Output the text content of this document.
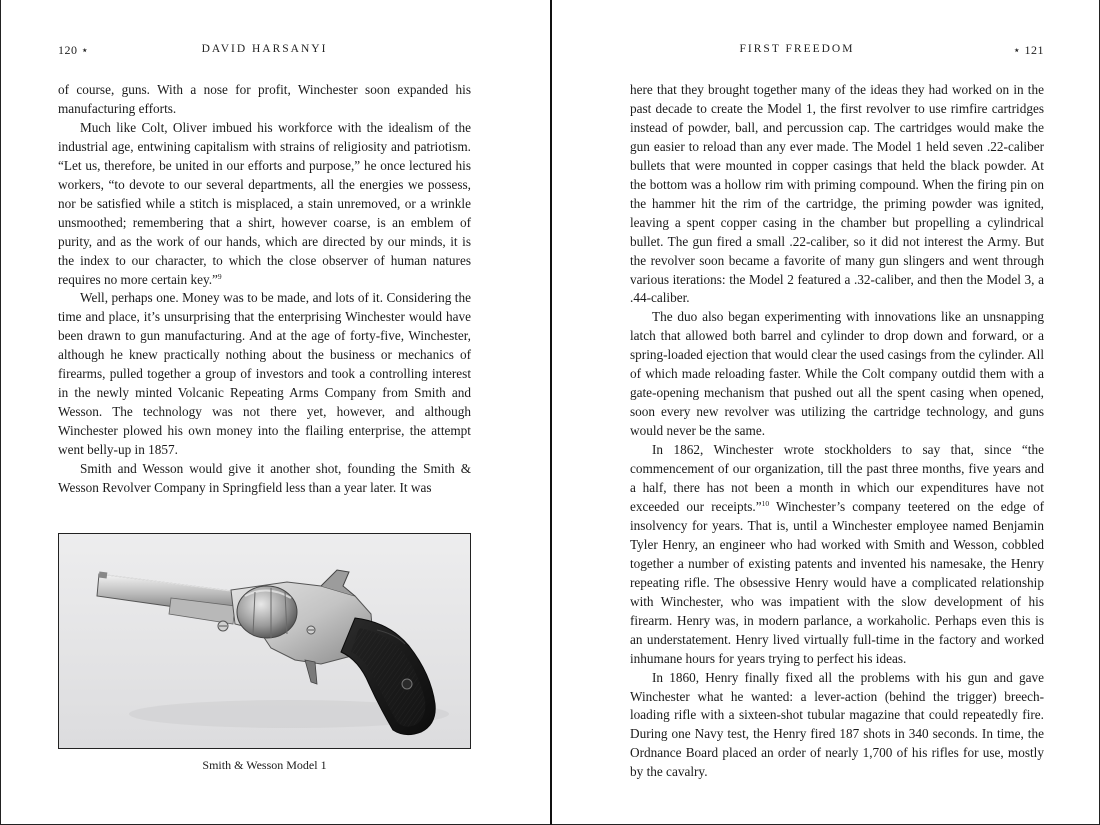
120 ⋆	DAVID HARSANYI

of course, guns. With a nose for profit, Winchester soon expanded his manufacturing efforts.

Much like Colt, Oliver imbued his workforce with the idealism of the industrial age, entwining capitalism with strains of religiosity and patriotism. “Let us, therefore, be united in our efforts and purpose,” he once lectured his workers, “to devote to our several departments, all the energies we possess, nor be satisfied while a stitch is misplaced, a stain unremoved, or a wrinkle unsmoothed; remembering that a shirt, however coarse, is an emblem of purity, and as the work of our hands, which are directed by our minds, it is the index to our character, to which the close observer of human natures requires no more certain key.”$^9$

Well, perhaps one. Money was to be made, and lots of it. Considering the time and place, it’s unsurprising that the enterprising Winchester would have been drawn to gun manufacturing. And at the age of forty-five, Winchester, although he knew practically nothing about the business or mechanics of firearms, pulled together a group of investors and took a controlling interest in the newly minted Volcanic Repeating Arms Company from Smith and Wesson. The technology was not there yet, however, and although Winchester plowed his own money into the flailing enterprise, the attempt went belly-up in 1857.

Smith and Wesson would give it another shot, founding the Smith & Wesson Revolver Company in Springfield less than a year later. It was

Smith & Wesson Model 1
FIRST FREEDOM	⋆ 121

here that they brought together many of the ideas they had worked on in the past decade to create the Model 1, the first revolver to use rimfire cartridges instead of powder, ball, and percussion cap. The cartridges would make the gun easier to reload than any ever made. The Model 1 held seven .22-caliber bullets that were mounted in copper casings that held the black powder. At the bottom was a hollow rim with priming compound. When the firing pin on the hammer hit the rim of the cartridge, the priming powder was ignited, leaving a spent copper casing in the chamber but propelling a cylindrical bullet. The gun fired a small .22-caliber, so it did not interest the Army. But the revolver soon became a favorite of many gun slingers and went through various iterations: the Model 2 featured a .32-caliber, and then the Model 3, a .44-caliber.

The duo also began experimenting with innovations like an unsnapping latch that allowed both barrel and cylinder to drop down and forward, or a spring-loaded ejection that would clear the used casings from the cylinder. All of which made reloading faster. While the Colt company outdid them with a gate-opening mechanism that pushed out all the spent casing when opened, soon every new revolver was utilizing the cartridge technology, and guns would never be the same.

In 1862, Winchester wrote stockholders to say that, since “the commencement of our organization, till the past three months, five years and a half, there has not been a month in which our expenditures have not exceeded our receipts.”$^{10}$ Winchester’s company teetered on the edge of insolvency for years. That is, until a Winchester employee named Benjamin Tyler Henry, an engineer who had worked with Smith and Wesson, cobbled together a number of existing patents and invented his namesake, the Henry repeating rifle. The obsessive Henry would have a complicated relationship with Winchester, who was impatient with the slow development of his firearm. Henry was, in modern parlance, a workaholic. Perhaps even this is an understatement. Henry lived virtually full-time in the factory and worked inhumane hours for years trying to perfect his ideas.

In 1860, Henry finally fixed all the problems with his gun and gave Winchester what he wanted: a lever-action (behind the trigger) breech-loading rifle with a sixteen-shot tubular magazine that could repeatedly fire. During one Navy test, the Henry fired 187 shots in 340 seconds. In time, the Ordnance Board placed an order of nearly 1,700 of his rifles for use, mostly by the cavalry.
